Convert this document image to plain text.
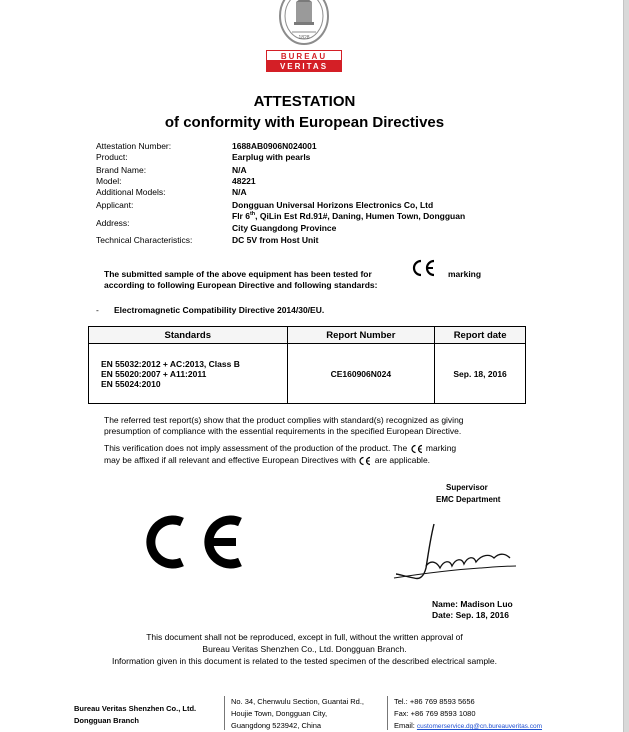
1828
BUREAU
VERITAS
ATTESTATION
of conformity with European Directives
Attestation Number:	1688AB0906N024001
Product:	Earplug with pearls
Brand Name:	N/A
Model:	48221
Additional Models:	N/A
Applicant:	Dongguan Universal Horizons Electronics Co, Ltd
Address:
Flr 6th, QiLin Est Rd.91#, Daning, Humen Town, Dongguan
City Guangdong Province
Technical Characteristics:	DC 5V from Host Unit
The submitted sample of the above equipment has been tested for	marking
according to following European Directive and following standards:
- Electromagnetic Compatibility Directive 2014/30/EU.
Standards	Report Number	Report date

EN 55032:2012 + AC:2013, Class B
EN 55020:2007 + A11:2011
EN 55024:2010	CE160906N024	Sep. 18, 2016
The referred test report(s) show that the product complies with standard(s) recognized as giving
presumption of compliance with the essential requirements in the specified European Directive.
This verification does not imply assessment of the production of the product. The marking
may be affixed if all relevant and effective European Directives with are applicable.
Supervisor
EMC Department
Name: Madison Luo
Date: Sep. 18, 2016
This document shall not be reproduced, except in full, without the written approval of
Bureau Veritas Shenzhen Co., Ltd. Dongguan Branch.
Information given in this document is related to the tested specimen of the described electrical sample.
Bureau Veritas Shenzhen Co., Ltd.
Dongguan Branch
No. 34, Chenwulu Section, Guantai Rd.,
Houjie Town, Dongguan City,
Guangdong 523942, China
Tel.: +86 769 8593 5656
Fax: +86 769 8593 1080
Email: customerservice.dg@cn.bureauveritas.com
